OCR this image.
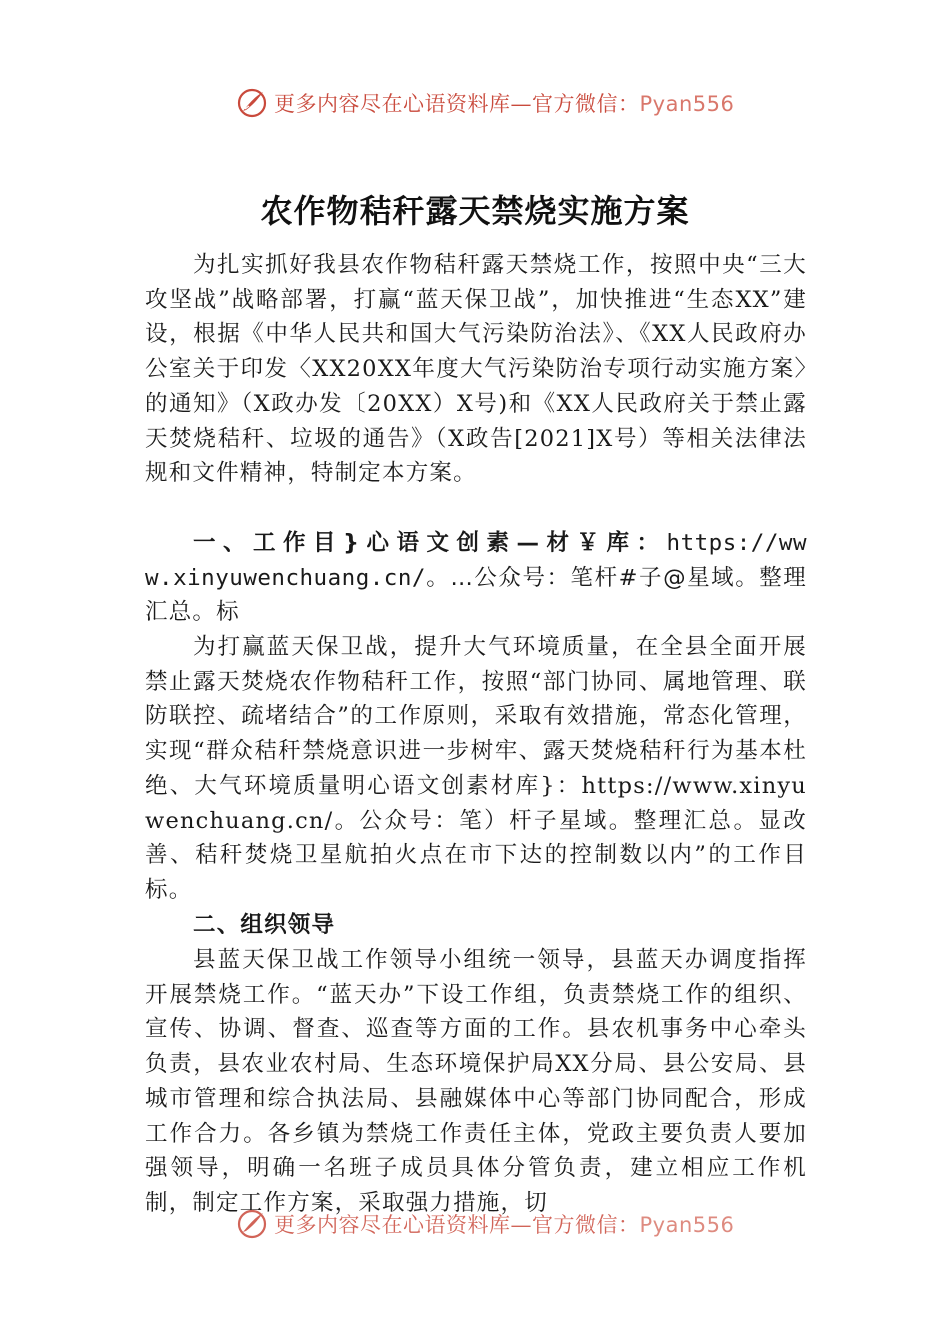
更多内容尽在心语资料库—官方微信：Pyan556
农作物秸秆露天禁烧实施方案
为扎实抓好我县农作物秸秆露天禁烧工作，按照中央“三大攻坚战”战略部署，打赢“蓝天保卫战”，加快推进“生态XX”建设，根据《中华人民共和国大气污染防治法》、《XX人民政府办公室关于印发〈XX20XX年度大气污染防治专项行动实施方案〉的通知》（X政办发〔20XX）X号)和《XX人民政府关于禁止露天焚烧秸秆、垃圾的通告》（X政告[2021]X号）等相关法律法规和文件精神，特制定本方案。
一、工作目}心语文创素—材￥库：https://www.xinyuwenchuang.cn/。…公众号：笔杆#子@星域。整理汇总。标
为打赢蓝天保卫战，提升大气环境质量，在全县全面开展禁止露天焚烧农作物秸秆工作，按照“部门协同、属地管理、联防联控、疏堵结合”的工作原则，采取有效措施，常态化管理，实现“群众秸秆禁烧意识进一步树牢、露天焚烧秸秆行为基本杜绝、大气环境质量明心语文创素材库}：https://www.xinyuwenchuang.cn/。公众号：笔）杆子星域。整理汇总。显改善、秸秆焚烧卫星航拍火点在市下达的控制数以内”的工作目标。
二、组织领导
县蓝天保卫战工作领导小组统一领导，县蓝天办调度指挥开展禁烧工作。“蓝天办”下设工作组，负责禁烧工作的组织、宣传、协调、督查、巡查等方面的工作。县农机事务中心牵头负责，县农业农村局、生态环境保护局XX分局、县公安局、县城市管理和综合执法局、县融媒体中心等部门协同配合，形成工作合力。各乡镇为禁烧工作责任主体，党政主要负责人要加强领导，明确一名班子成员具体分管负责，建立相应工作机制，制定工作方案，采取强力措施，切
更多内容尽在心语资料库—官方微信：Pyan556
